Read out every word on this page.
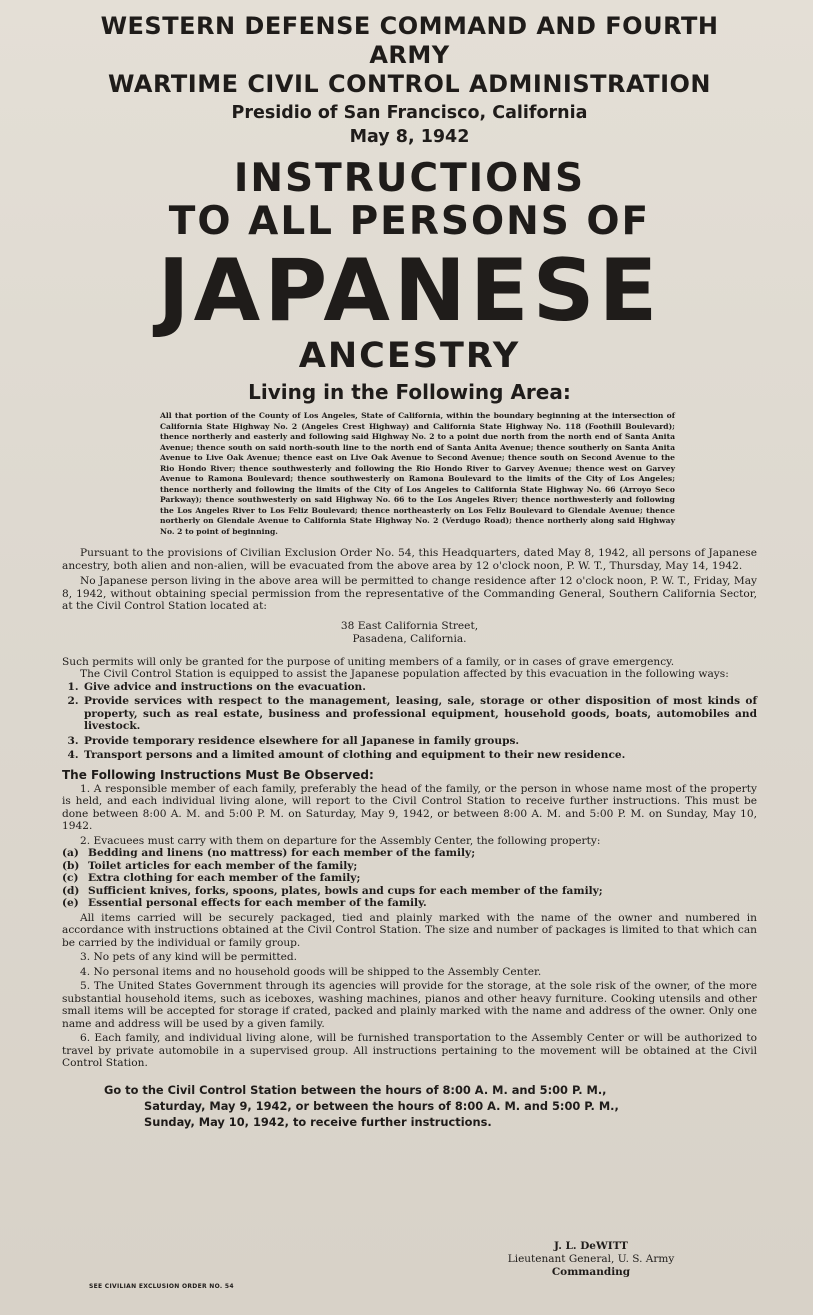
WESTERN DEFENSE COMMAND AND FOURTH ARMY
WARTIME CIVIL CONTROL ADMINISTRATION
Presidio of San Francisco, California
May 8, 1942
INSTRUCTIONS
TO ALL PERSONS OF
JAPANESE
ANCESTRY
Living in the Following Area:
All that portion of the County of Los Angeles, State of California, within the boundary beginning at the intersection of California State Highway No. 2 (Angeles Crest Highway) and California State Highway No. 118 (Foothill Boulevard); thence northerly and easterly and following said Highway No. 2 to a point due north from the north end of Santa Anita Avenue; thence south on said north-south line to the north end of Santa Anita Avenue; thence southerly on Santa Anita Avenue to Live Oak Avenue; thence east on Live Oak Avenue to Second Avenue; thence south on Second Avenue to the Rio Hondo River; thence southwesterly and following the Rio Hondo River to Garvey Avenue; thence west on Garvey Avenue to Ramona Boulevard; thence southwesterly on Ramona Boulevard to the limits of the City of Los Angeles; thence northerly and following the limits of the City of Los Angeles to California State Highway No. 66 (Arroyo Seco Parkway); thence southwesterly on said Highway No. 66 to the Los Angeles River; thence northwesterly and following the Los Angeles River to Los Feliz Boulevard; thence northeasterly on Los Feliz Boulevard to Glendale Avenue; thence northerly on Glendale Avenue to California State Highway No. 2 (Verdugo Road); thence northerly along said Highway No. 2 to point of beginning.

Pursuant to the provisions of Civilian Exclusion Order No. 54, this Headquarters, dated May 8, 1942, all persons of Japanese ancestry, both alien and non-alien, will be evacuated from the above area by 12 o'clock noon, P. W. T., Thursday, May 14, 1942.

No Japanese person living in the above area will be permitted to change residence after 12 o'clock noon, P. W. T., Friday, May 8, 1942, without obtaining special permission from the representative of the Commanding General, Southern California Sector, at the Civil Control Station located at:

38 East California Street,
Pasadena, California.

Such permits will only be granted for the purpose of uniting members of a family, or in cases of grave emergency.

The Civil Control Station is equipped to assist the Japanese population affected by this evacuation in the following ways:

1. Give advice and instructions on the evacuation.
2. Provide services with respect to the management, leasing, sale, storage or other disposition of most kinds of property, such as real estate, business and professional equipment, household goods, boats, automobiles and livestock.
3. Provide temporary residence elsewhere for all Japanese in family groups.
4. Transport persons and a limited amount of clothing and equipment to their new residence.
The Following Instructions Must Be Observed:

1. A responsible member of each family, preferably the head of the family, or the person in whose name most of the property is held, and each individual living alone, will report to the Civil Control Station to receive further instructions. This must be done between 8:00 A. M. and 5:00 P. M. on Saturday, May 9, 1942, or between 8:00 A. M. and 5:00 P. M. on Sunday, May 10, 1942.

2. Evacuees must carry with them on departure for the Assembly Center, the following property:

(a) Bedding and linens (no mattress) for each member of the family;
(b) Toilet articles for each member of the family;
(c) Extra clothing for each member of the family;
(d) Sufficient knives, forks, spoons, plates, bowls and cups for each member of the family;
(e) Essential personal effects for each member of the family.

All items carried will be securely packaged, tied and plainly marked with the name of the owner and numbered in accordance with instructions obtained at the Civil Control Station. The size and number of packages is limited to that which can be carried by the individual or family group.

3. No pets of any kind will be permitted.

4. No personal items and no household goods will be shipped to the Assembly Center.

5. The United States Government through its agencies will provide for the storage, at the sole risk of the owner, of the more substantial household items, such as iceboxes, washing machines, pianos and other heavy furniture. Cooking utensils and other small items will be accepted for storage if crated, packed and plainly marked with the name and address of the owner. Only one name and address will be used by a given family.

6. Each family, and individual living alone, will be furnished transportation to the Assembly Center or will be authorized to travel by private automobile in a supervised group. All instructions pertaining to the movement will be obtained at the Civil Control Station.

Go to the Civil Control Station between the hours of 8:00 A. M. and 5:00 P. M.,
Saturday, May 9, 1942, or between the hours of 8:00 A. M. and 5:00 P. M.,
Sunday, May 10, 1942, to receive further instructions.
J. L. DeWITT
Lieutenant General, U. S. Army
Commanding
SEE CIVILIAN EXCLUSION ORDER NO. 54
